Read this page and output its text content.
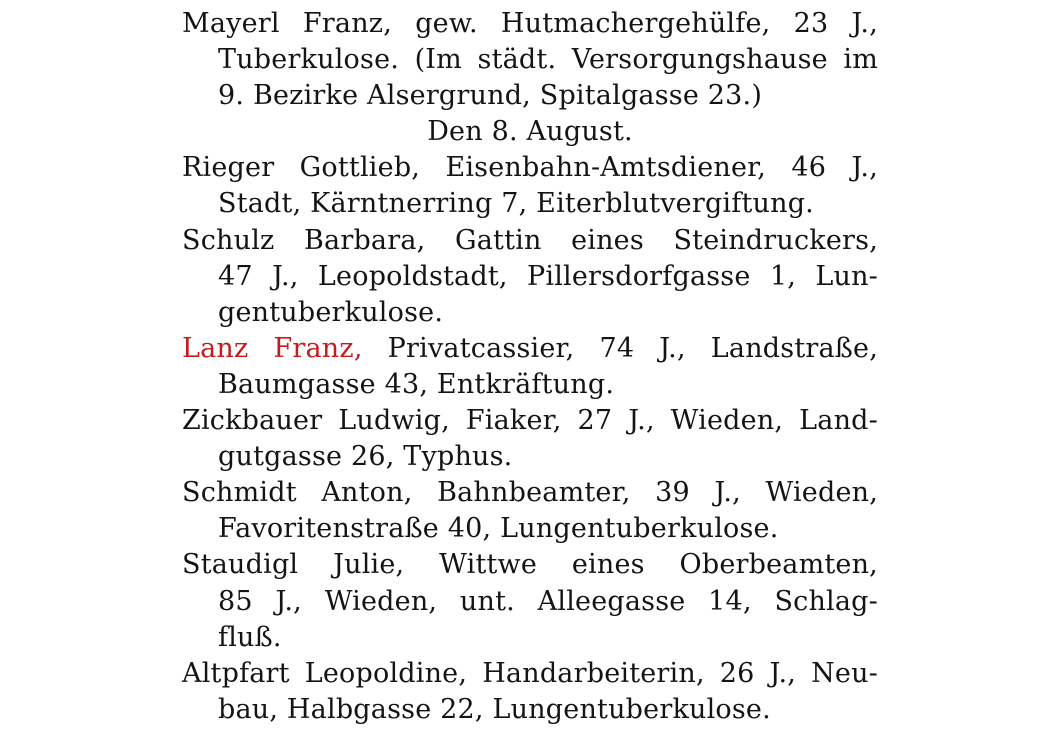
Mayerl Franz, gew. Hutmachergehülfe, 23 J.,
Tuberkulose. (Im städt. Versorgungshause im
9. Bezirke Alsergrund, Spitalgasse 23.)
Den 8. August.
Rieger Gottlieb, Eisenbahn-Amtsdiener, 46 J.,
Stadt, Kärntnerring 7, Eiterblutvergiftung.
Schulz Barbara, Gattin eines Steindruckers,
47 J., Leopoldstadt, Pillersdorfgasse 1, Lun-
gentuberkulose.
Lanz Franz, Privatcassier, 74 J., Landstraße,
Baumgasse 43, Entkräftung.
Zickbauer Ludwig, Fiaker, 27 J., Wieden, Land-
gutgasse 26, Typhus.
Schmidt Anton, Bahnbeamter, 39 J., Wieden,
Favoritenstraße 40, Lungentuberkulose.
Staudigl Julie, Wittwe eines Oberbeamten,
85 J., Wieden, unt. Alleegasse 14, Schlag-
fluß.
Altpfart Leopoldine, Handarbeiterin, 26 J., Neu-
bau, Halbgasse 22, Lungentuberkulose.
